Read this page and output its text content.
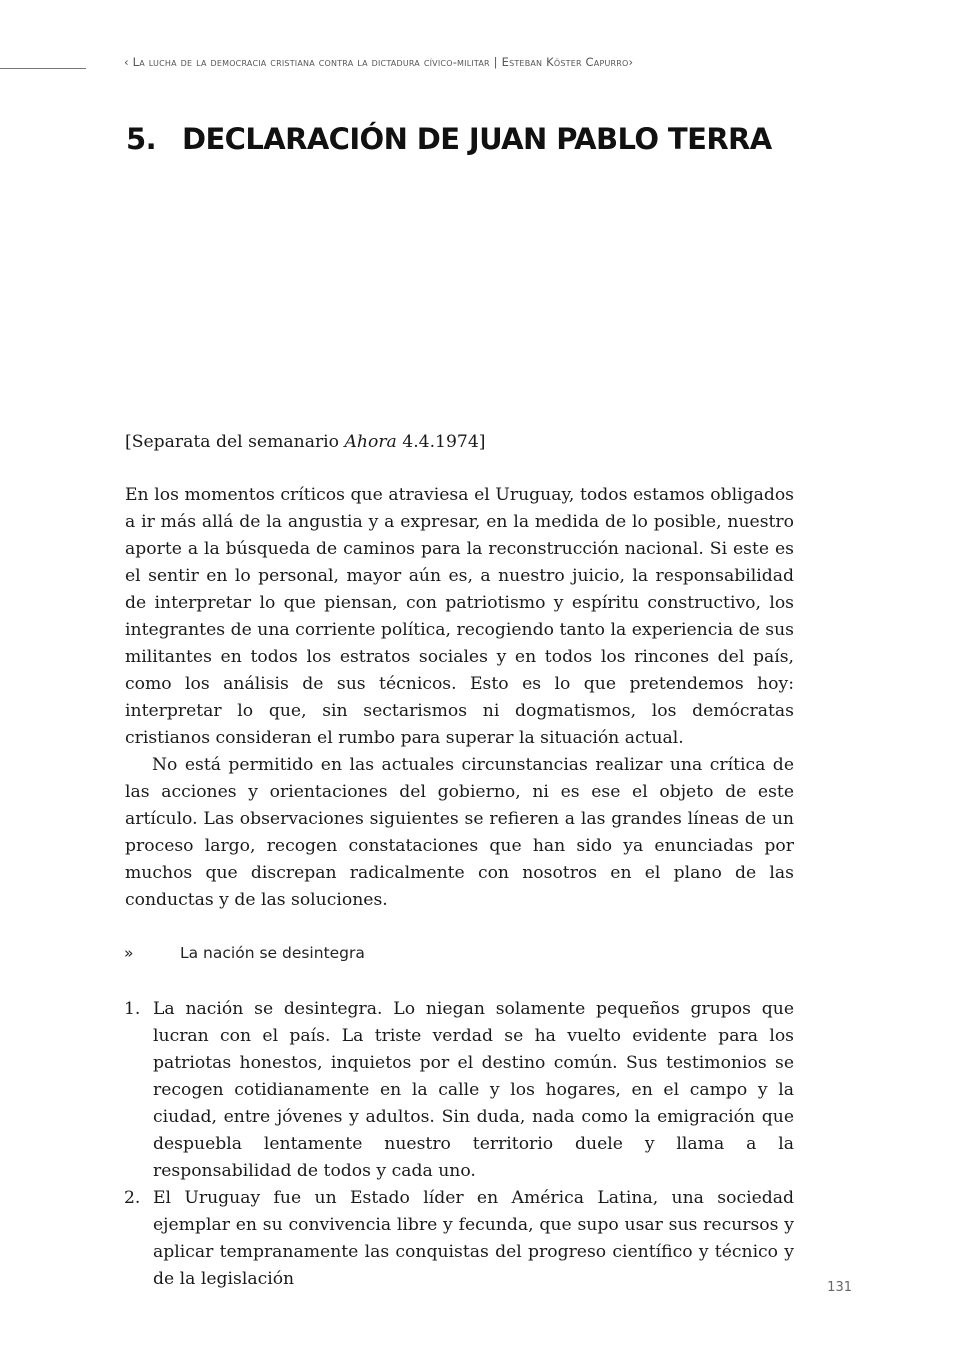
‹ La lucha de la democracia cristiana contra la dictadura cívico-militar | Esteban Köster Capurro›
5. DECLARACIÓN DE JUAN PABLO TERRA
[Separata del semanario Ahora 4.4.1974]

En los momentos críticos que atraviesa el Uruguay, todos estamos obligados a ir más allá de la angustia y a expresar, en la medida de lo posible, nuestro aporte a la búsqueda de caminos para la reconstrucción nacional. Si este es el sentir en lo personal, mayor aún es, a nuestro juicio, la responsabilidad de interpretar lo que piensan, con patriotismo y espíritu constructivo, los integrantes de una corriente política, recogiendo tanto la experiencia de sus militantes en todos los estratos sociales y en todos los rincones del país, como los análisis de sus técnicos. Esto es lo que pretendemos hoy: interpretar lo que, sin sectarismos ni dogmatismos, los demócratas cristianos consideran el rumbo para superar la situación actual.

No está permitido en las actuales circunstancias realizar una crítica de las acciones y orientaciones del gobierno, ni es ese el objeto de este artículo. Las observaciones siguientes se refieren a las grandes líneas de un proceso largo, recogen constataciones que han sido ya enunciadas por muchos que discrepan radicalmente con nosotros en el plano de las conductas y de las soluciones.

»	La nación se desintegra
1. La nación se desintegra. Lo niegan solamente pequeños grupos que lucran con el país. La triste verdad se ha vuelto evidente para los patriotas honestos, inquietos por el destino común. Sus testimonios se recogen cotidianamente en la calle y los hogares, en el campo y la ciudad, entre jóvenes y adultos. Sin duda, nada como la emigración que despuebla lentamente nuestro territorio duele y llama a la responsabilidad de todos y cada uno.
2. El Uruguay fue un Estado líder en América Latina, una sociedad ejemplar en su convivencia libre y fecunda, que supo usar sus recursos y aplicar tempranamente las conquistas del progreso científico y técnico y de la legislación	131
